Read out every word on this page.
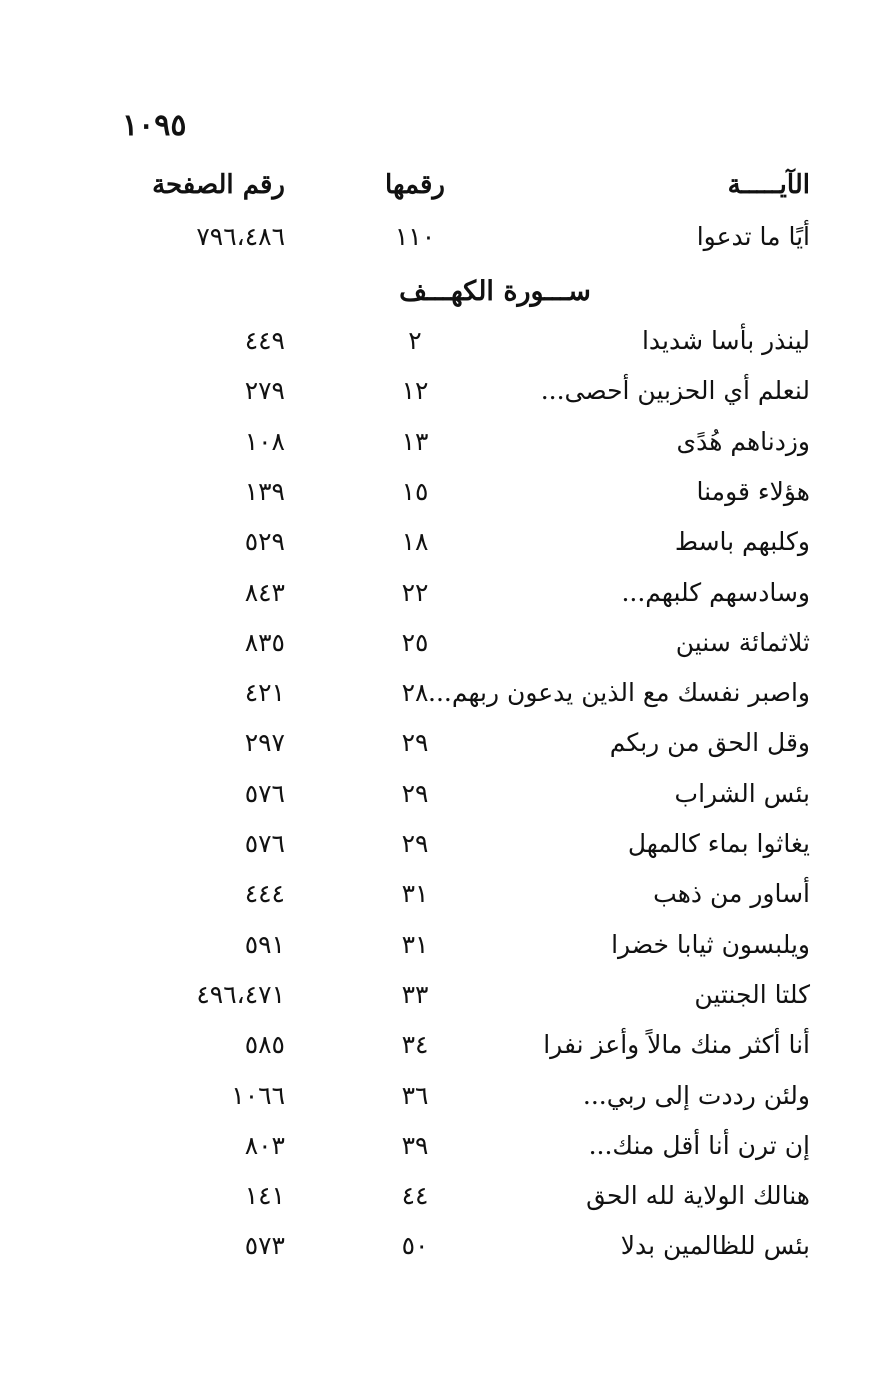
١٠٩٥
الآيـــــة
رقمها
رقم الصفحة
أيًا ما تدعوا
١١٠
٧٩٦،٤٨٦
ســـورة الكهـــف
لينذر بأسا شديدا
٢
٤٤٩
لنعلم أي الحزبين أحصى...
١٢
٢٧٩
وزدناهم هُدًى
١٣
١٠٨
هؤلاء قومنا
١٥
١٣٩
وكلبهم باسط
١٨
٥٢٩
وسادسهم كلبهم...
٢٢
٨٤٣
ثلاثمائة سنين
٢٥
٨٣٥
واصبر نفسك مع الذين يدعون ربهم...
٢٨
٤٢١
وقل الحق من ربكم
٢٩
٢٩٧
بئس الشراب
٢٩
٥٧٦
يغاثوا بماء كالمهل
٢٩
٥٧٦
أساور من ذهب
٣١
٤٤٤
ويلبسون ثيابا خضرا
٣١
٥٩١
كلتا الجنتين
٣٣
٤٩٦،٤٧١
أنا أكثر منك مالاً وأعز نفرا
٣٤
٥٨٥
ولئن رددت إلى ربي...
٣٦
١٠٦٦
إن ترن أنا أقل منك...
٣٩
٨٠٣
هنالك الولاية لله الحق
٤٤
١٤١
بئس للظالمين بدلا
٥٠
٥٧٣
